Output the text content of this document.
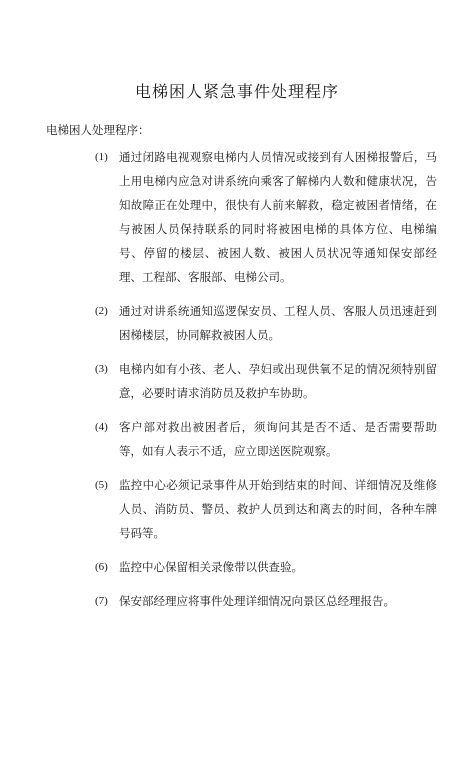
电梯困人紧急事件处理程序
电梯困人处理程序：
(1) 通过闭路电视观察电梯内人员情况或接到有人困梯报警后，马上用电梯内应急对讲系统向乘客了解梯内人数和健康状况，告知故障正在处理中，很快有人前来解救，稳定被困者情绪，在与被困人员保持联系的同时将被困电梯的具体方位、电梯编号、停留的楼层、被困人数、被困人员状况等通知保安部经理、工程部、客服部、电梯公司。
(2) 通过对讲系统通知巡逻保安员、工程人员、客服人员迅速赶到困梯楼层，协同解救被困人员。
(3) 电梯内如有小孩、老人、孕妇或出现供氧不足的情况须特别留意，必要时请求消防员及救护车协助。
(4) 客户部对救出被困者后，须询问其是否不适、是否需要帮助等，如有人表示不适，应立即送医院观察。
(5) 监控中心必须记录事件从开始到结束的时间、详细情况及维修人员、消防员、警员、救护人员到达和离去的时间，各种车牌号码等。
(6) 监控中心保留相关录像带以供查验。
(7) 保安部经理应将事件处理详细情况向景区总经理报告。
